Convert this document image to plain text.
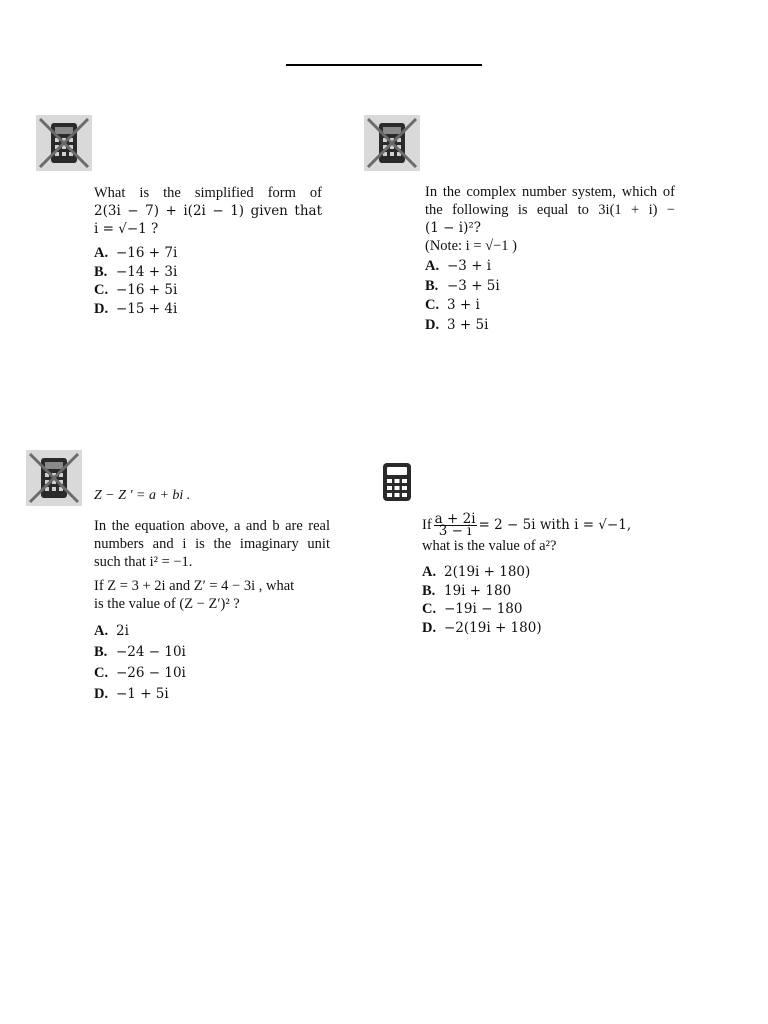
What is the simplified form of
2(3i − 7) + i(2i − 1) given that
i = √−1 ?
A. −16 + 7i
B. −14 + 3i
C. −16 + 5i
D. −15 + 4i
In the complex number system, which of
the following is equal to 3i(1 + i) −
(1 − i)²?
(Note: i = √−1 )
A. −3 + i
B. −3 + 5i
C. 3 + i
D. 3 + 5i
Z − Z ' = a + bi .
In the equation above, a and b are real
numbers and i is the imaginary unit
such that i² = −1.
If Z = 3 + 2i and Z′ = 4 − 3i , what
is the value of (Z − Z′)² ?
A. 2i
B. −24 − 10i
C. −26 − 10i
D. −1 + 5i
If $\frac{a + 2i}{3 - i} = 2 - 5i$ with i = √−1,
what is the value of a²?
A. 2(19i + 180)
B. 19i + 180
C. −19i − 180
D. −2(19i + 180)
